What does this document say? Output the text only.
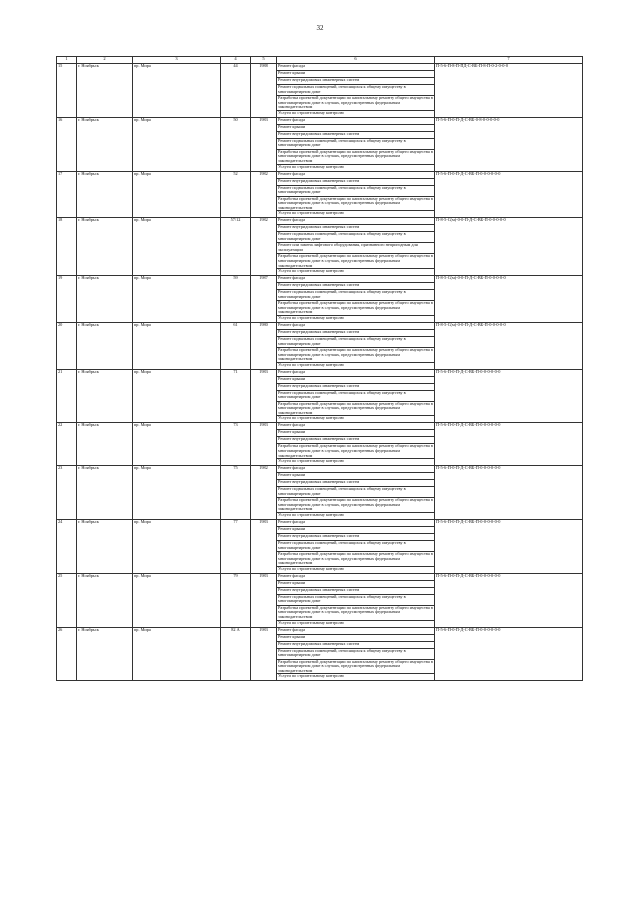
32
1	2	3	4	5	6	7
15	г. Ноябрьск	пр. Мира	44	1988	Ремонт фасада	П-5-6-П-8-П-ПД-С-ВБ-П-8-П-0-2-0-0-0
					Ремонт крыши	
					Ремонт внутридомовых инженерных систем	
					Ремонт подвальных помещений, относящихся к общему имуществу в многоквартирном доме	
					Разработка проектной документации по капитальному ремонту общего имущества в многоквартирном доме в случаях, предусмотренных федеральным законодательством	
					Услуги по строительному контролю	
16	г. Ноябрьск	пр. Мира	50	1983	Ремонт фасада	П-5-6-П-0-П-Д-С-ВБ-0-8-0-0-0-0-0
					Ремонт крыши	
					Ремонт внутридомовых инженерных систем	
					Ремонт подвальных помещений, относящихся к общему имуществу в многоквартирном доме	
					Разработка проектной документации по капитальному ремонту общего имущества в многоквартирном доме в случаях, предусмотренных федеральным законодательством	
					Услуги по строительному контролю	
17	г. Ноябрьск	пр. Мира	52	1982	Ремонт фасада	П-5-6-П-0-П-Д-С-ВБ-П-0-0-0-0-0-0
					Ремонт внутридомовых инженерных систем	
					Ремонт подвальных помещений, относящихся к общему имуществу в многоквартирном доме	
					Разработка проектной документации по капитальному ремонту общего имущества в многоквартирном доме в случаях, предусмотренных федеральным законодательством	
					Услуги по строительному контролю	
18	г. Ноябрьск	пр. Мира	57/12	1982	Ремонт фасада	П-8-5-С(м)-0-0-П-Д-С-ВБ-П-0-0-0-0-0
					Ремонт внутридомовых инженерных систем	
					Ремонт подвальных помещений, относящихся к общему имуществу в многоквартирном доме	
					Ремонт или замена лифтового оборудования, признанного непригодным для эксплуатации	
					Разработка проектной документации по капитальному ремонту общего имущества в многоквартирном доме в случаях, предусмотренных федеральным законодательством	
					Услуги по строительному контролю	
19	г. Ноябрьск	пр. Мира	59	1987	Ремонт фасада	П-8-5-С(м)-0-0-П-Д-С-ВБ-П-0-0-0-0-0
					Ремонт внутридомовых инженерных систем	
					Ремонт подвальных помещений, относящихся к общему имуществу в многоквартирном доме	
					Разработка проектной документации по капитальному ремонту общего имущества в многоквартирном доме в случаях, предусмотренных федеральным законодательством	
					Услуги по строительному контролю	
20	г. Ноябрьск	пр. Мира	61	1980	Ремонт фасада	П-8-5-С(м)-0-0-П-Д-С-ВБ-П-0-0-0-0-0
					Ремонт внутридомовых инженерных систем	
					Ремонт подвальных помещений, относящихся к общему имуществу в многоквартирном доме	
					Разработка проектной документации по капитальному ремонту общего имущества в многоквартирном доме в случаях, предусмотренных федеральным законодательством	
					Услуги по строительному контролю	
21	г. Ноябрьск	пр. Мира	71	1983	Ремонт фасада	П-5-6-П-0-П-Д-С-ВБ-П-0-0-0-0-0-0
					Ремонт крыши	
					Ремонт внутридомовых инженерных систем	
					Ремонт подвальных помещений, относящихся к общему имуществу в многоквартирном доме	
					Разработка проектной документации по капитальному ремонту общего имущества в многоквартирном доме в случаях, предусмотренных федеральным законодательством	
					Услуги по строительному контролю	
22	г. Ноябрьск	пр. Мира	73	1983	Ремонт фасада	П-5-6-П-0-П-Д-С-ВБ-П-0-0-0-0-0-0
					Ремонт крыши	
					Ремонт внутридомовых инженерных систем	
					Разработка проектной документации по капитальному ремонту общего имущества в многоквартирном доме в случаях, предусмотренных федеральным законодательством	
					Услуги по строительному контролю	
23	г. Ноябрьск	пр. Мира	75	1982	Ремонт фасада	П-5-6-П-0-П-Д-С-ВБ-П-0-0-0-0-0-0
					Ремонт крыши	
					Ремонт внутридомовых инженерных систем	
					Ремонт подвальных помещений, относящихся к общему имуществу в многоквартирном доме	
					Разработка проектной документации по капитальному ремонту общего имущества в многоквартирном доме в случаях, предусмотренных федеральным законодательством	
					Услуги по строительному контролю	
24	г. Ноябрьск	пр. Мира	77	1983	Ремонт фасада	П-5-6-П-0-П-Д-С-ВБ-П-0-0-0-0-0-0
					Ремонт крыши	
					Ремонт внутридомовых инженерных систем	
					Ремонт подвальных помещений, относящихся к общему имуществу в многоквартирном доме	
					Разработка проектной документации по капитальному ремонту общего имущества в многоквартирном доме в случаях, предусмотренных федеральным законодательством	
					Услуги по строительному контролю	
25	г. Ноябрьск	пр. Мира	79	1983	Ремонт фасада	П-5-6-П-0-П-Д-С-ВБ-П-0-0-0-0-0-0
					Ремонт крыши	
					Ремонт внутридомовых инженерных систем	
					Ремонт подвальных помещений, относящихся к общему имуществу в многоквартирном доме	
					Разработка проектной документации по капитальному ремонту общего имущества в многоквартирном доме в случаях, предусмотренных федеральным законодательством	
					Услуги по строительному контролю	
26	г. Ноябрьск	пр. Мира	82 А	1983	Ремонт фасада	П-5-6-П-0-П-Д-С-ВБ-П-0-0-0-0-0-0
					Ремонт крыши	
					Ремонт внутридомовых инженерных систем	
					Ремонт подвальных помещений, относящихся к общему имуществу в многоквартирном доме	
					Разработка проектной документации по капитальному ремонту общего имущества в многоквартирном доме в случаях, предусмотренных федеральным законодательством	
					Услуги по строительному контролю	
